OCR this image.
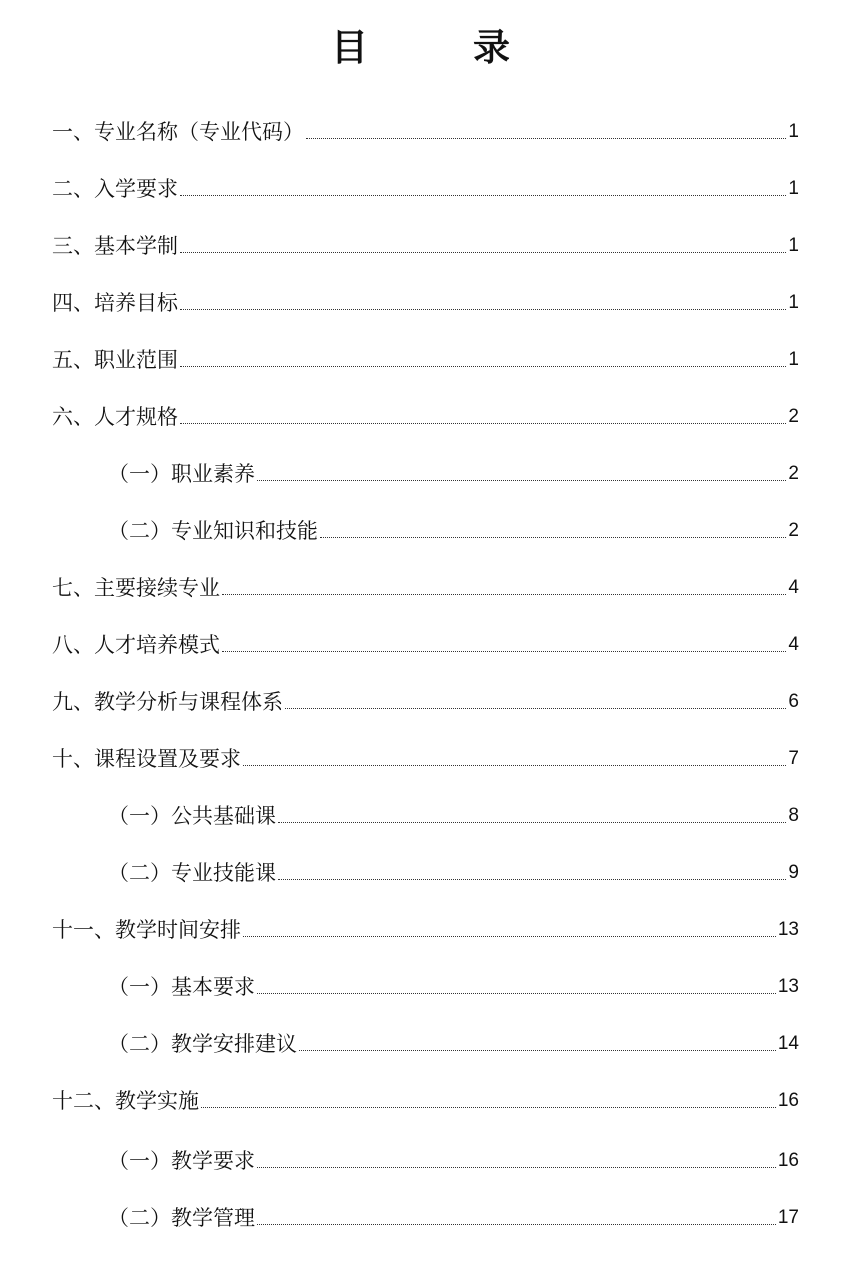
目　录
一、专业名称（专业代码）	1
二、入学要求	1
三、基本学制	1
四、培养目标	1
五、职业范围	1
六、人才规格	2
（一）职业素养	2
（二）专业知识和技能	2
七、主要接续专业	4
八、人才培养模式	4
九、教学分析与课程体系	6
十、课程设置及要求	7
（一）公共基础课	8
（二）专业技能课	9
十一、教学时间安排	13
（一）基本要求	13
（二）教学安排建议	14
十二、教学实施	16
（一）教学要求	16
（二）教学管理	17
